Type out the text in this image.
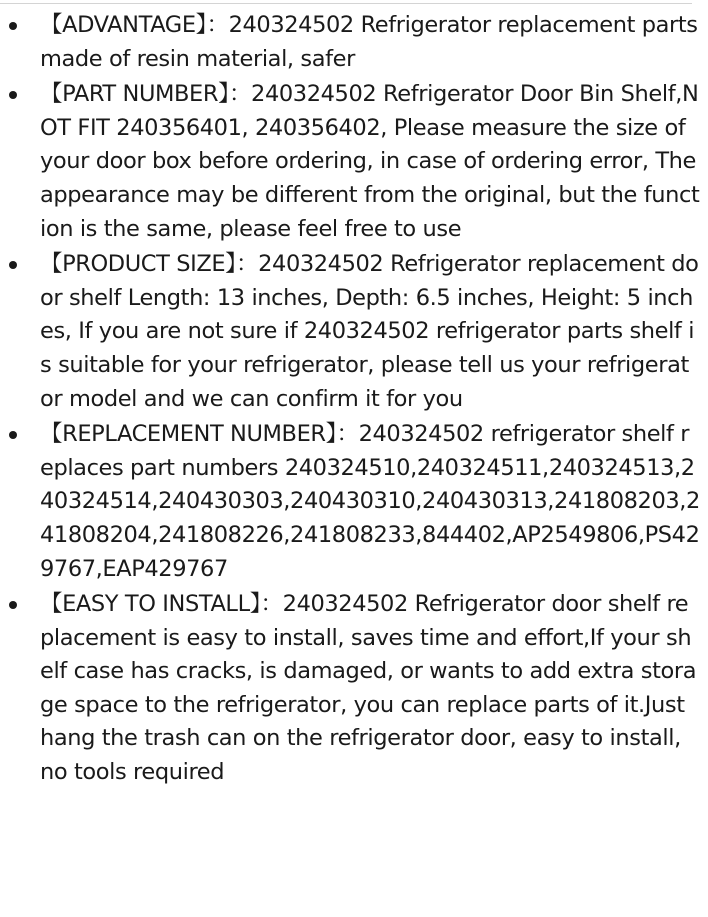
【ADVANTAGE】：240324502 Refrigerator replacement parts made of resin material, safer
【PART NUMBER】：240324502 Refrigerator Door Bin Shelf,NOT FIT 240356401, 240356402, Please measure the size of your door box before ordering, in case of ordering error, The appearance may be different from the original, but the function is the same, please feel free to use
【PRODUCT SIZE】：240324502 Refrigerator replacement door shelf Length: 13 inches, Depth: 6.5 inches, Height: 5 inches, If you are not sure if 240324502 refrigerator parts shelf is suitable for your refrigerator, please tell us your refrigerator model and we can confirm it for you
【REPLACEMENT NUMBER】：240324502 refrigerator shelf replaces part numbers 240324510,240324511,240324513,240324514,240430303,240430310,240430313,241808203,241808204,241808226,241808233,844402,AP2549806,PS429767,EAP429767
【EASY TO INSTALL】：240324502 Refrigerator door shelf replacement is easy to install, saves time and effort,If your shelf case has cracks, is damaged, or wants to add extra storage space to the refrigerator, you can replace parts of it.Just hang the trash can on the refrigerator door, easy to install, no tools required
